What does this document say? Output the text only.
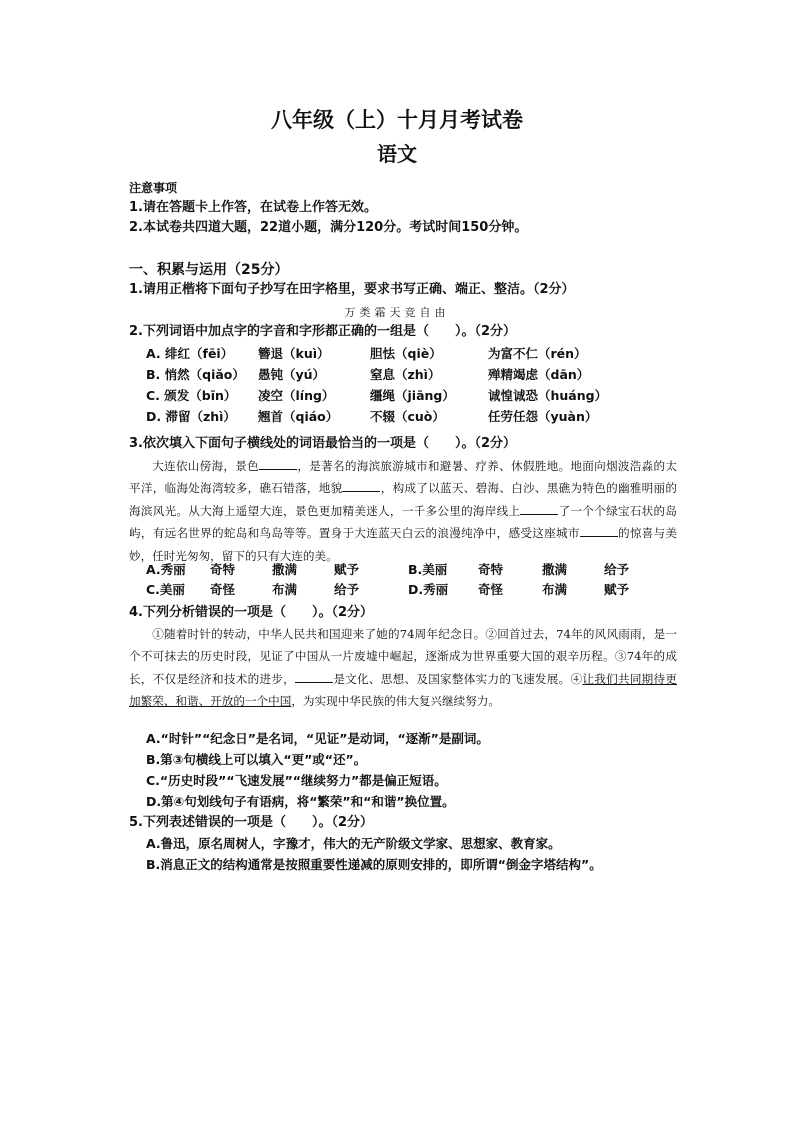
八年级（上）十月月考试卷
语文
注意事项
1.请在答题卡上作答，在试卷上作答无效。
2.本试卷共四道大题，22道小题，满分120分。考试时间150分钟。
一、积累与运用（25分）
1.请用正楷将下面句子抄写在田字格里，要求书写正确、端正、整洁。（2分）
万类霜天竞自由
2.下列词语中加点字的字音和字形都正确的一组是（　　）。（2分）
A. 绯红（fēi）	簪退（kuì）	胆怯（qiè）	为富不仁（rén）
B. 悄然（qiǎo）	愚钝（yú）	窒息（zhì）	殚精竭虑（dān）
C. 颁发（bīn）	凌空（líng）	缰绳（jiāng）	诚惶诚恐（huáng）
D. 滞留（zhì）	翘首（qiáo）	不辍（cuò）	任劳任怨（yuàn）
3.依次填入下面句子横线处的词语最恰当的一项是（　　）。（2分）
大连依山傍海，景色	，是著名的海滨旅游城市和避暑、疗养、休假胜地。地面向烟波浩淼的太平洋，临海处海湾较多，礁石错落，地貌	，构成了以蓝天、碧海、白沙、黑礁为特色的幽雅明丽的海滨风光。从大海上遥望大连，景色更加精美迷人，一千多公里的海岸线上	了一个个绿宝石状的岛屿，有远名世界的蛇岛和鸟岛等等。置身于大连蓝天白云的浪漫纯净中，感受这座城市	的惊喜与美妙，任时光匆匆，留下的只有大连的美。
A.秀丽	奇特	撒满	赋予	B.美丽	奇特	撒满	给予
C.美丽	奇怪	布满	给予	D.秀丽	奇怪	布满	赋予
4.下列分析错误的一项是（　　）。（2分）
①随着时针的转动，中华人民共和国迎来了她的74周年纪念日。②回首过去，74年的风风雨雨，是一个不可抹去的历史时段，见证了中国从一片废墟中崛起，逐渐成为世界重要大国的艰辛历程。③74年的成长，不仅是经济和技术的进步，	是文化、思想、及国家整体实力的飞速发展。④让我们共同期待更加繁荣、和谐、开放的一个中国，为实现中华民族的伟大复兴继续努力。
A.“时针”“纪念日”是名词，“见证”是动词，“逐渐”是副词。
B.第③句横线上可以填入“更”或“还”。
C.“历史时段”“飞速发展”“继续努力”都是偏正短语。
D.第④句划线句子有语病，将“繁荣”和“和谐”换位置。
5.下列表述错误的一项是（　　）。（2分）
A.鲁迅，原名周树人，字豫才，伟大的无产阶级文学家、思想家、教育家。
B.消息正文的结构通常是按照重要性递减的原则安排的，即所谓“倒金字塔结构”。
